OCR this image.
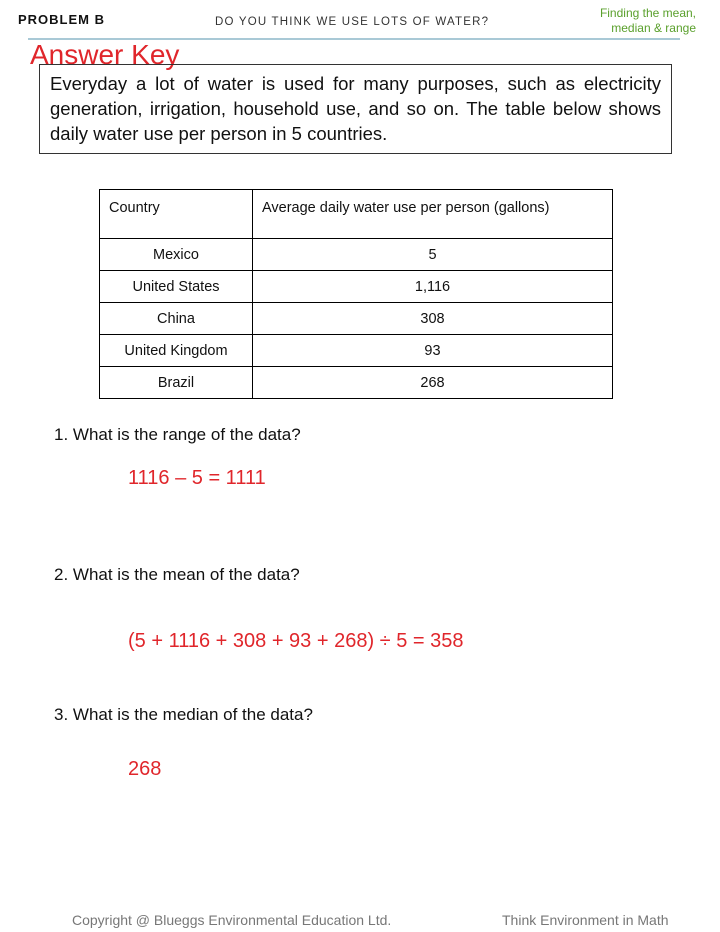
PROBLEM B	DO YOU THINK WE USE LOTS OF WATER?
Finding the mean,
median & range
Answer Key
Everyday a lot of water is used for many purposes, such as electricity generation, irrigation, household use, and so on. The table below shows daily water use per person in 5 countries.
Country	Average daily water use per person (gallons)
Mexico	5
United States	1,116
China	308
United Kingdom	93
Brazil	268
1. What is the range of the data?
1116 – 5 = 1111
2. What is the mean of the data?
(5 + 1116 + 308 + 93 + 268) ÷ 5 = 358
3. What is the median of the data?
268
Copyright @ Blueggs Environmental Education Ltd.	Think Environment in Math
